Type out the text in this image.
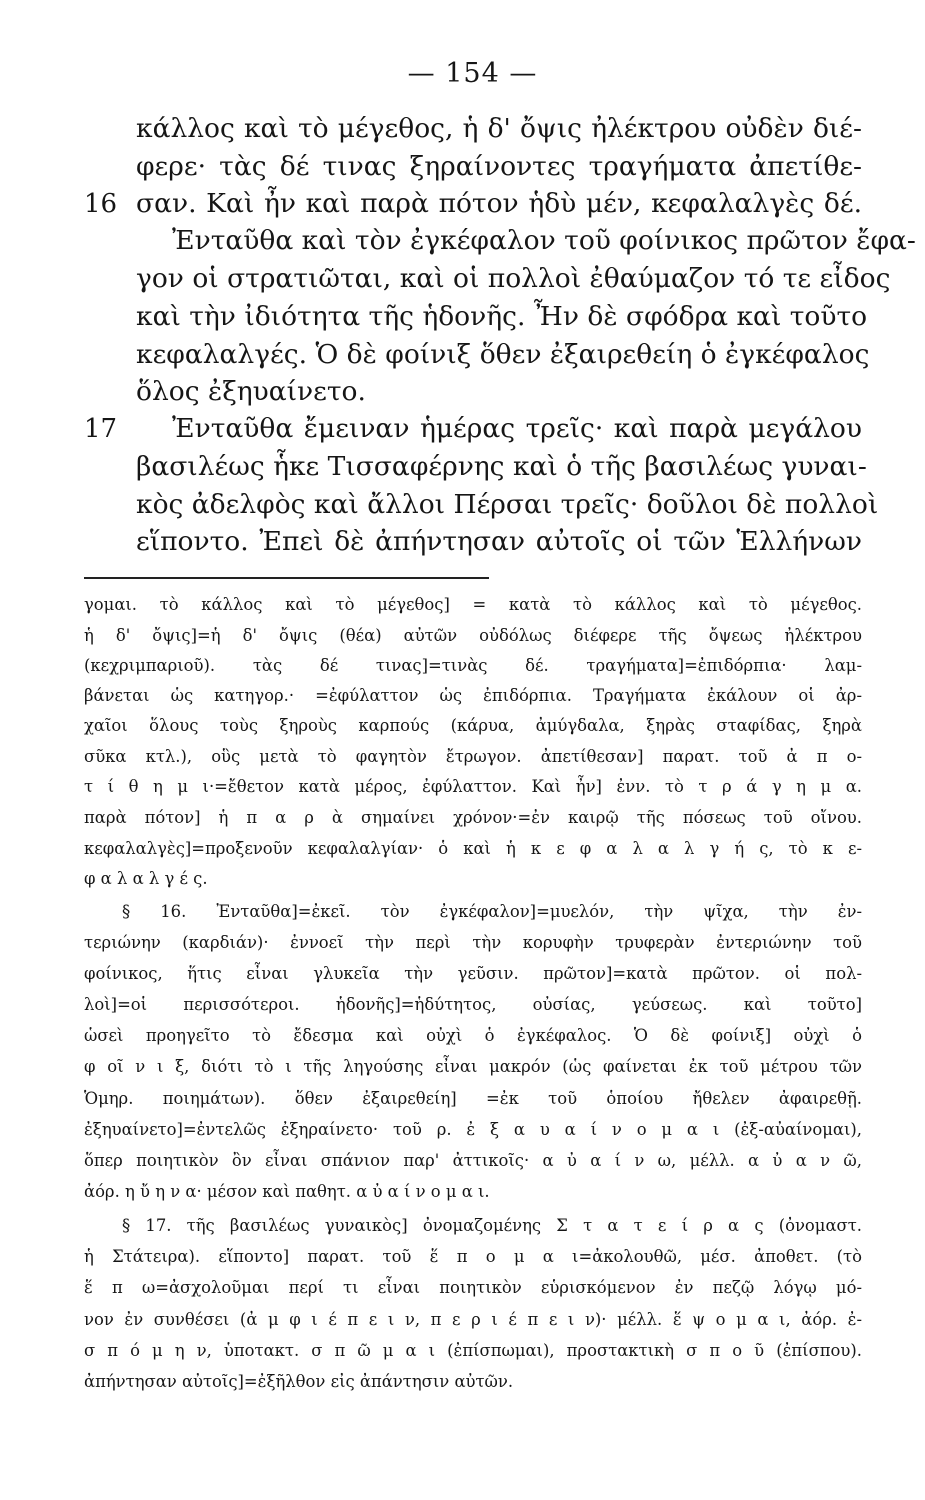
— 154 —
κάλλος καὶ τὸ μέγεθος, ἡ δ' ὄψις ἠλέκτρου οὐδὲν διέ-
φερε· τὰς δέ τινας ξηραίνοντες τραγήματα ἀπετίθε-
16 σαν. Καὶ ἦν καὶ παρὰ πότον ἡδὺ μέν, κεφαλαλγὲς δέ.
Ἐνταῦθα καὶ τὸν ἐγκέφαλον τοῦ φοίνικος πρῶτον ἔφα-
γον οἱ στρατιῶται, καὶ οἱ πολλοὶ ἐθαύμαζον τό τε εἶδος
καὶ τὴν ἰδιότητα τῆς ἡδονῆς. Ἦν δὲ σφόδρα καὶ τοῦτο
κεφαλαλγές. Ὁ δὲ φοίνιξ ὅθεν ἐξαιρεθείη ὁ ἐγκέφαλος
ὅλος ἐξηυαίνετο.
17 Ἐνταῦθα ἔμειναν ἡμέρας τρεῖς· καὶ παρὰ μεγάλου
βασιλέως ἧκε Τισσαφέρνης καὶ ὁ τῆς βασιλέως γυναι-
κὸς ἀδελφὸς καὶ ἄλλοι Πέρσαι τρεῖς· δοῦλοι δὲ πολλοὶ
εἵποντο. Ἐπεὶ δὲ ἀπήντησαν αὐτοῖς οἱ τῶν Ἑλλήνων
γομαι. τὸ κάλλος καὶ τὸ μέγεθος] = κατὰ τὸ κάλλος καὶ τὸ μέγεθος.
ἡ δ' ὄψις]=ἡ δ' ὄψις (θέα) αὐτῶν οὐδόλως διέφερε τῆς ὄψεως ἠλέκτρου
(κεχριμπαριοῦ). τὰς δέ τινας]=τινὰς δέ. τραγήματα]=ἐπιδόρπια· λαμ-
βάνεται ὡς κατηγορ.· =ἐφύλαττον ὡς ἐπιδόρπια. Τραγήματα ἐκάλουν οἱ ἀρ-
χαῖοι ὅλους τοὺς ξηροὺς καρπούς (κάρυα, ἀμύγδαλα, ξηρὰς σταφίδας, ξηρὰ
σῦκα κτλ.), οὓς μετὰ τὸ φαγητὸν ἔτρωγον. ἀπετίθεσαν] παρατ. τοῦ ἀ π ο-
τ ί θ η μ ι·=ἔθετον κατὰ μέρος, ἐφύλαττον. Καὶ ἦν] ἐνν. τὸ τ ρ ά γ η μ α.
παρὰ πότον] ἡ π α ρ ὰ σημαίνει χρόνον·=ἐν καιρῷ τῆς πόσεως τοῦ οἴνου.
κεφαλαλγὲς]=προξενοῦν κεφαλαλγίαν· ὁ καὶ ἡ κ ε φ α λ α λ γ ή ς, τὸ κ ε-
φ α λ α λ γ έ ς.
§ 16. Ἐνταῦθα]=ἐκεῖ. τὸν ἐγκέφαλον]=μυελόν, τὴν ψῖχα, τὴν ἐν-
τεριώνην (καρδιάν)· ἐννοεῖ τὴν περὶ τὴν κορυφὴν τρυφερὰν ἐντεριώνην τοῦ
φοίνικος, ἥτις εἶναι γλυκεῖα τὴν γεῦσιν. πρῶτον]=κατὰ πρῶτον. οἱ πολ-
λοὶ]=οἱ περισσότεροι. ἡδονῆς]=ἡδύτητος, οὐσίας, γεύσεως. καὶ τοῦτο]
ὡσεὶ προηγεῖτο τὸ ἔδεσμα καὶ οὐχὶ ὁ ἐγκέφαλος. Ὁ δὲ φοίνιξ] οὐχὶ ὁ
φ οῖ ν ι ξ, διότι τὸ ι τῆς ληγούσης εἶναι μακρόν (ὡς φαίνεται ἐκ τοῦ μέτρου τῶν
Ὁμηρ. ποιημάτων). ὅθεν ἐξαιρεθείη] =ἐκ τοῦ ὁποίου ἤθελεν ἀφαιρεθῇ.
ἐξηυαίνετο]=ἐντελῶς ἐξηραίνετο· τοῦ ρ. ἐ ξ α υ α ί ν ο μ α ι (ἐξ-αὐαίνομαι),
ὅπερ ποιητικὸν ὂν εἶναι σπάνιον παρ' ἀττικοῖς· α ὐ α ί ν ω, μέλλ. α ὐ α ν ῶ,
ἀόρ. η ὔ η ν α· μέσον καὶ παθητ. α ὐ α ί ν ο μ α ι.
§ 17. τῆς βασιλέως γυναικὸς] ὀνομαζομένης Σ τ α τ ε ί ρ α ς (ὀνομαστ.
ἡ Στάτειρα). εἵποντο] παρατ. τοῦ ἕ π ο μ α ι=ἀκολουθῶ, μέσ. ἀποθετ. (τὸ
ἕ π ω=ἀσχολοῦμαι περί τι εἶναι ποιητικὸν εὑρισκόμενον ἐν πεζῷ λόγῳ μό-
νον ἐν συνθέσει (ἀ μ φ ι έ π ε ι ν, π ε ρ ι έ π ε ι ν)· μέλλ. ἕ ψ ο μ α ι, ἀόρ. ἐ-
σ π ό μ η ν, ὑποτακτ. σ π ῶ μ α ι (ἐπίσπωμαι), προστακτικὴ σ π ο ῦ (ἐπίσπου).
ἀπήντησαν αὐτοῖς]=ἐξῆλθον εἰς ἀπάντησιν αὐτῶν.
